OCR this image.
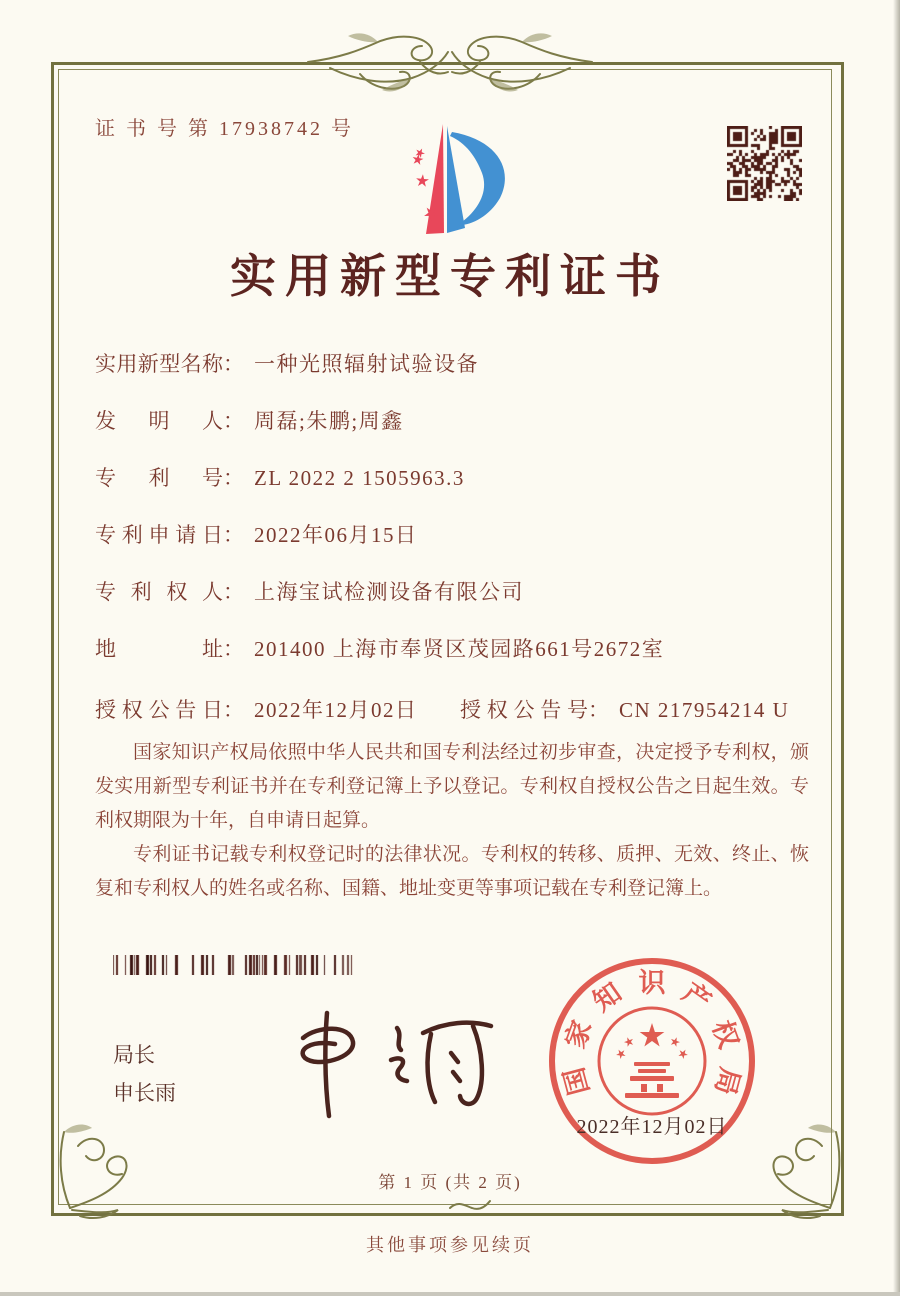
证 书 号 第 17938742 号
实用新型专利证书
实用新型名称： 一种光照辐射试验设备
发明人： 周磊;朱鹏;周鑫
专利号： ZL 2022 2 1505963.3
专利申请日： 2022年06月15日
专利权人： 上海宝试检测设备有限公司
地址： 201400 上海市奉贤区茂园路661号2672室
授权公告日： 2022年12月02日 授权公告号： CN 217954214 U

国家知识产权局依照中华人民共和国专利法经过初步审查，决定授予专利权，颁发实用新型专利证书并在专利登记簿上予以登记。专利权自授权公告之日起生效。专利权期限为十年，自申请日起算。

专利证书记载专利权登记时的法律状况。专利权的转移、质押、无效、终止、恢复和专利权人的姓名或名称、国籍、地址变更等事项记载在专利登记簿上。

局长
申长雨	国
家
知 识 产
权
局
2022年12月02日
第 1 页 (共 2 页)
其他事项参见续页
